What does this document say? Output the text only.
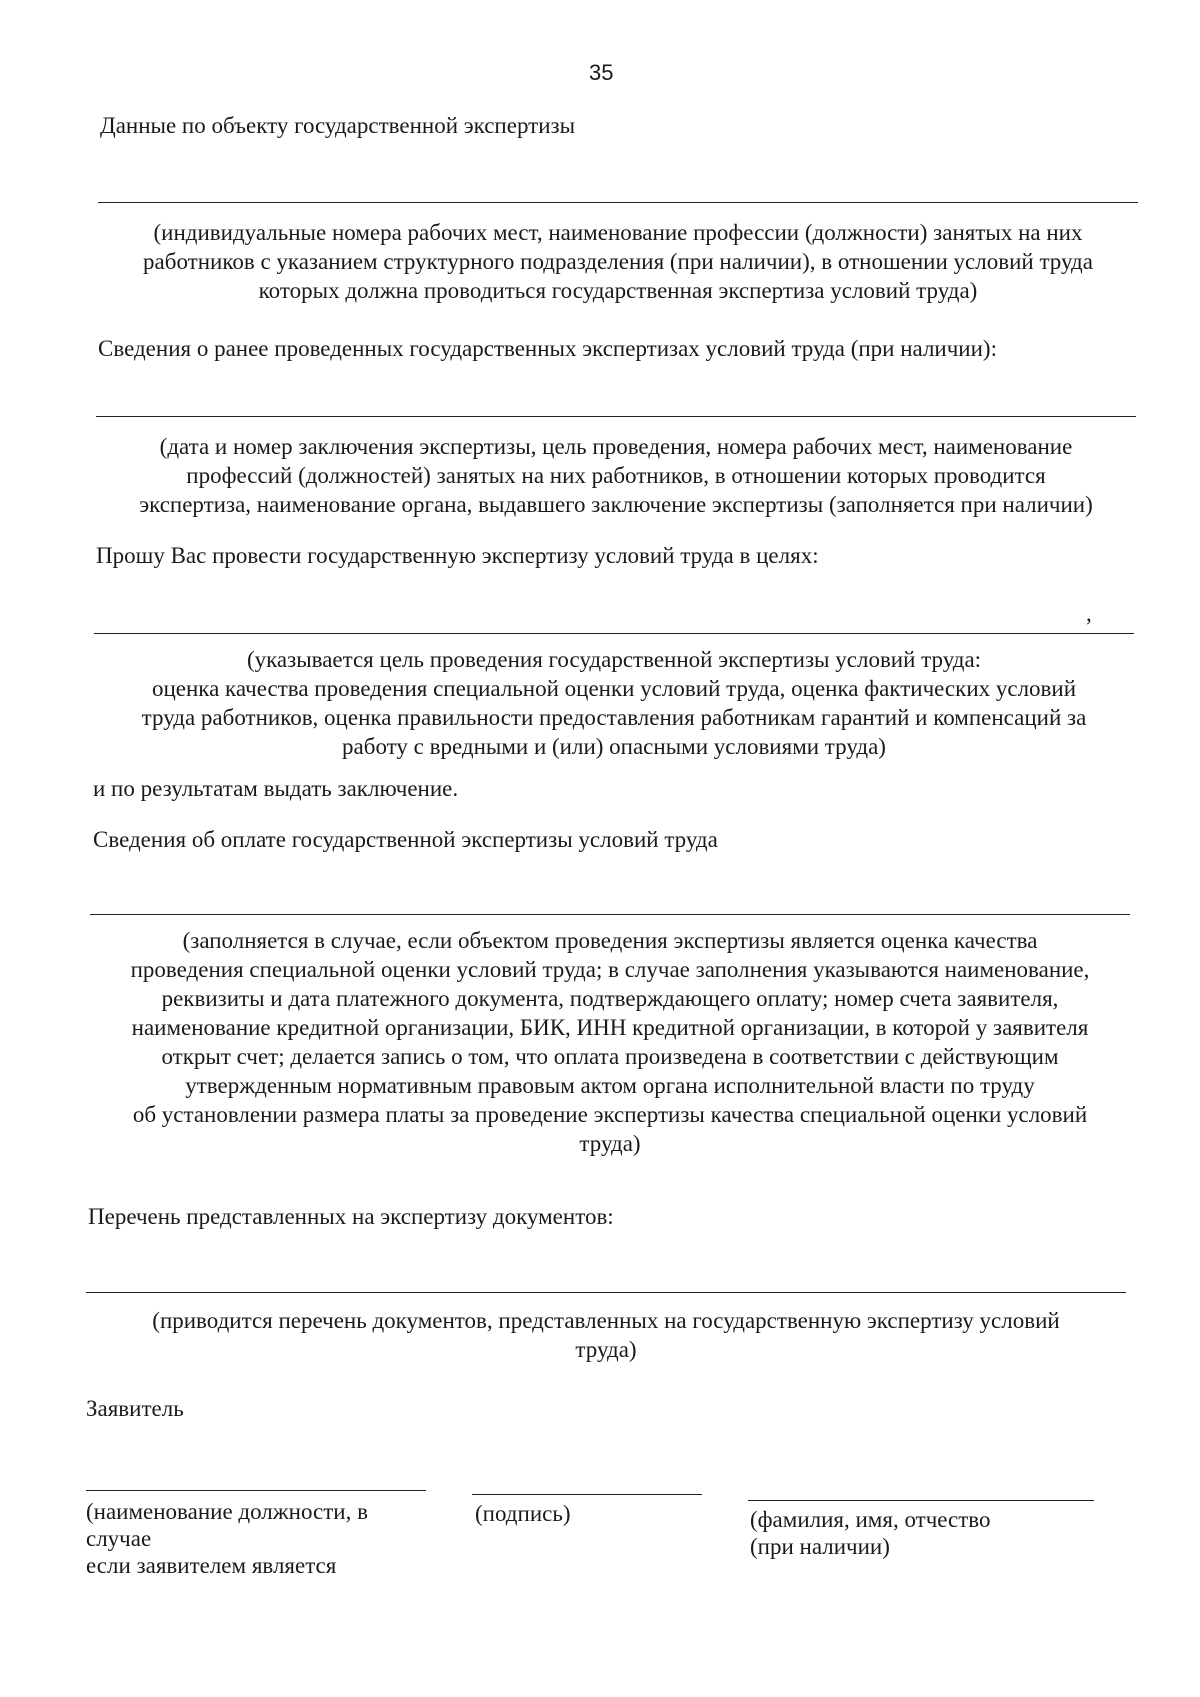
35
Данные по объекту государственной экспертизы
(индивидуальные номера рабочих мест, наименование профессии (должности) занятых на них
работников с указанием структурного подразделения (при наличии), в отношении условий труда
которых должна проводиться государственная экспертиза условий труда)
Сведения о ранее проведенных государственных экспертизах условий труда (при наличии):
(дата и номер заключения экспертизы, цель проведения, номера рабочих мест, наименование
профессий (должностей) занятых на них работников, в отношении которых проводится
экспертиза, наименование органа, выдавшего заключение экспертизы (заполняется при наличии)
Прошу Вас провести государственную экспертизу условий труда в целях:
,
(указывается цель проведения государственной экспертизы условий труда:
оценка качества проведения специальной оценки условий труда, оценка фактических условий
труда работников, оценка правильности предоставления работникам гарантий и компенсаций за
работу с вредными и (или) опасными условиями труда)
и по результатам выдать заключение.
Сведения об оплате государственной экспертизы условий труда
(заполняется в случае, если объектом проведения экспертизы является оценка качества
проведения специальной оценки условий труда; в случае заполнения указываются наименование,
реквизиты и дата платежного документа, подтверждающего оплату; номер счета заявителя,
наименование кредитной организации, БИК, ИНН кредитной организации, в которой у заявителя
открыт счет; делается запись о том, что оплата произведена в соответствии с действующим
утвержденным нормативным правовым актом органа исполнительной власти по труду
об установлении размера платы за проведение экспертизы качества специальной оценки условий
труда)
Перечень представленных на экспертизу документов:
(приводится перечень документов, представленных на государственную экспертизу условий
труда)
Заявитель
(наименование должности, в
случае
если заявителем является
(подпись)	(фамилия, имя, отчество
(при наличии)
